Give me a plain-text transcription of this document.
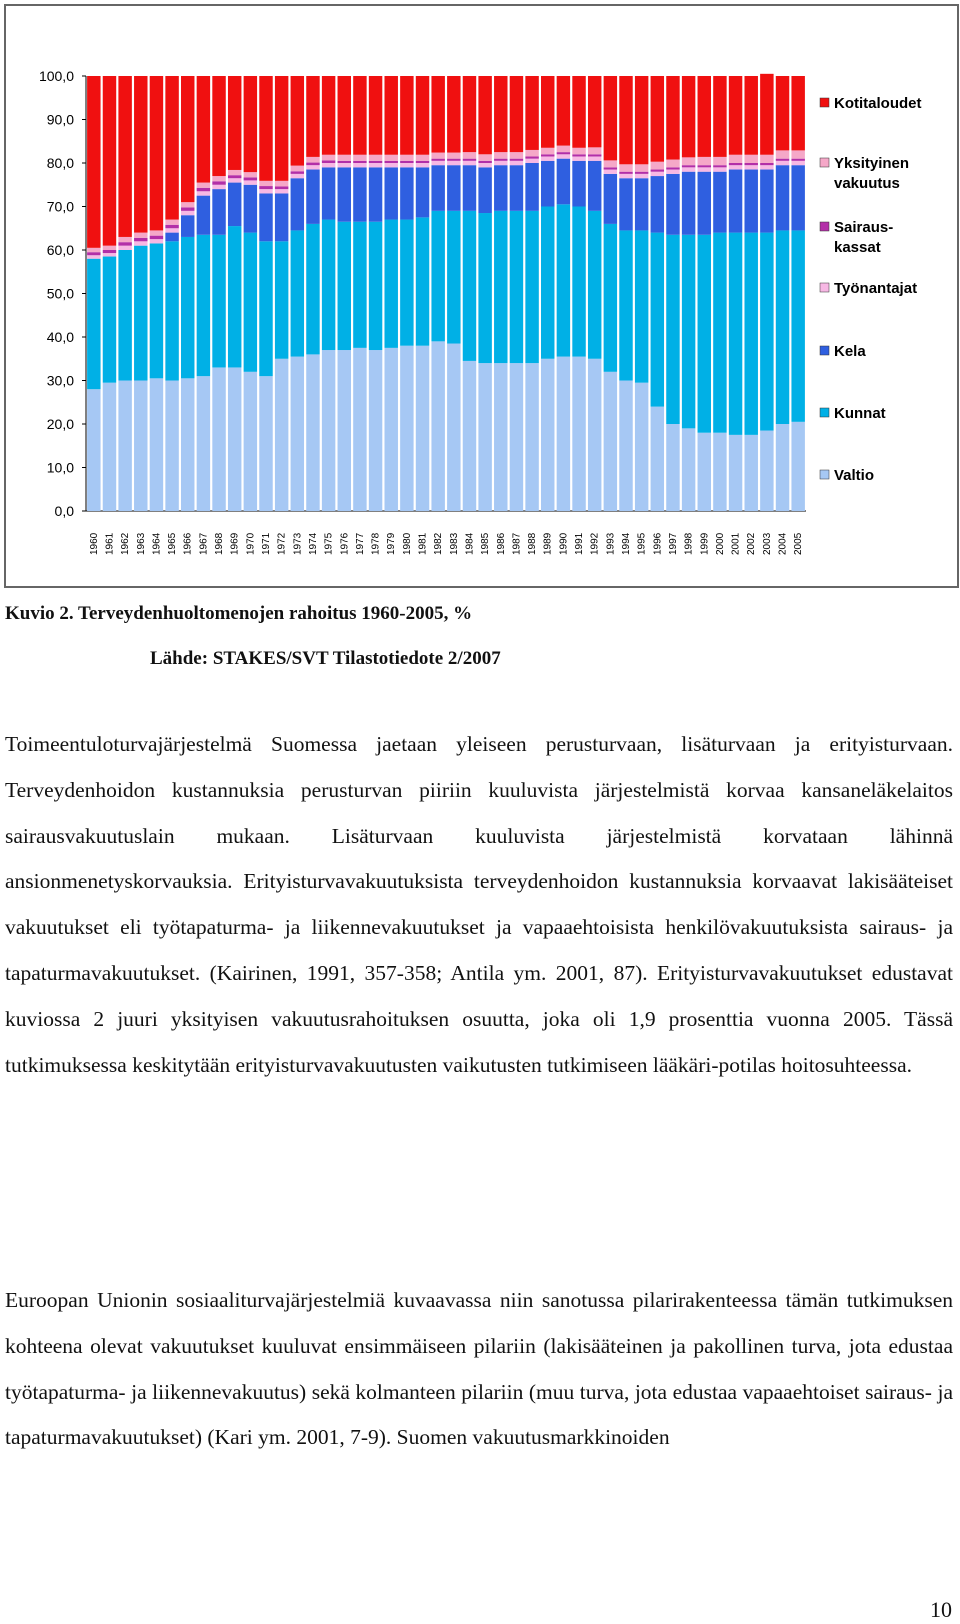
0,0
10,0
20,0
30,0
40,0
50,0
60,0
70,0
80,0
90,0
100,0
1960 1961 1962 1963 1964 1965 1966 1967 1968 1969 1970 1971 1972 1973 1974 1975 1976 1977 1978 1979 1980 1981 1982 1983 1984 1985 1986 1987 1988 1989 1990 1991 1992 1993 1994 1995 1996 1997 1998 1999 2000 2001 2002 2003 2004 2005
Kotitaloudet
Yksityinen vakuutus
Sairaus-kassat
Työnantajat
Kela
Kunnat
Valtio
Kuvio 2. Terveydenhuoltomenojen rahoitus 1960-2005, %
Lähde: STAKES/SVT Tilastotiedote 2/2007

Toimeentuloturvajärjestelmä Suomessa jaetaan yleiseen perusturvaan, lisäturvaan ja erityisturvaan. Terveydenhoidon kustannuksia perusturvan piiriin kuuluvista järjestelmistä korvaa kansaneläkelaitos sairausvakuutuslain mukaan. Lisäturvaan kuuluvista järjestelmistä korvataan lähinnä ansionmenetyskorvauksia. Erityisturvavakuutuksista terveydenhoidon kustannuksia korvaavat lakisääteiset vakuutukset eli työtapaturma- ja liikennevakuutukset ja vapaaehtoisista henkilövakuutuksista sairaus- ja tapaturmavakuutukset. (Kairinen, 1991, 357-358; Antila ym. 2001, 87). Erityisturvavakuutukset edustavat kuviossa 2 juuri yksityisen vakuutusrahoituksen osuutta, joka oli 1,9 prosenttia vuonna 2005. Tässä tutkimuksessa keskitytään erityisturvavakuutusten vaikutusten tutkimiseen lääkäri-potilas hoitosuhteessa.

Euroopan Unionin sosiaaliturvajärjestelmiä kuvaavassa niin sanotussa pilarirakenteessa tämän tutkimuksen kohteena olevat vakuutukset kuuluvat ensimmäiseen pilariin (lakisääteinen ja pakollinen turva, jota edustaa työtapaturma- ja liikennevakuutus) sekä kolmanteen pilariin (muu turva, jota edustaa vapaaehtoiset sairaus- ja tapaturmavakuutukset) (Kari ym. 2001, 7-9). Suomen vakuutusmarkkinoiden

10
